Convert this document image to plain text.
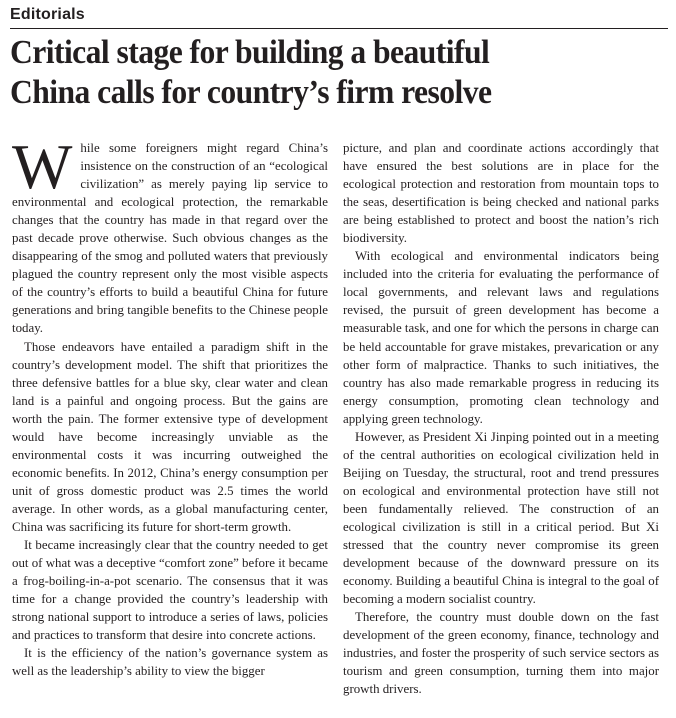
Editorials
Critical stage for building a beautiful
China calls for country’s firm resolve

While some foreigners might regard China’s insistence on the construction of an “ecological civilization” as merely paying lip service to environmental and ecological protection, the remarkable changes that the country has made in that regard over the past decade prove otherwise. Such obvious changes as the disappearing of the smog and polluted waters that previously plagued the country represent only the most visible aspects of the country’s efforts to build a beautiful China for future generations and bring tangible benefits to the Chinese people today.

Those endeavors have entailed a paradigm shift in the country’s development model. The shift that prioritizes the three defensive battles for a blue sky, clear water and clean land is a painful and ongoing process. But the gains are worth the pain. The former extensive type of development would have become increasingly unviable as the environmental costs it was incurring outweighed the economic benefits. In 2012, China’s energy consumption per unit of gross domestic product was 2.5 times the world average. In other words, as a global manufacturing center, China was sacrificing its future for short-term growth.

It became increasingly clear that the country needed to get out of what was a deceptive “comfort zone” before it became a frog-boiling-in-a-pot scenario. The consensus that it was time for a change provided the country’s leadership with strong national support to introduce a series of laws, policies and practices to transform that desire into concrete actions.

It is the efficiency of the nation’s governance system as well as the leadership’s ability to view the bigger

picture, and plan and coordinate actions accordingly that have ensured the best solutions are in place for the ecological protection and restoration from mountain tops to the seas, desertification is being checked and national parks are being established to protect and boost the nation’s rich biodiversity.

With ecological and environmental indicators being included into the criteria for evaluating the performance of local governments, and relevant laws and regulations revised, the pursuit of green development has become a measurable task, and one for which the persons in charge can be held accountable for grave mistakes, prevarication or any other form of malpractice. Thanks to such initiatives, the country has also made remarkable progress in reducing its energy consumption, promoting clean technology and applying green technology.

However, as President Xi Jinping pointed out in a meeting of the central authorities on ecological civilization held in Beijing on Tuesday, the structural, root and trend pressures on ecological and environmental protection have still not been fundamentally relieved. The construction of an ecological civilization is still in a critical period. But Xi stressed that the country never compromise its green development because of the downward pressure on its economy. Building a beautiful China is integral to the goal of becoming a modern socialist country.

Therefore, the country must double down on the fast development of the green economy, finance, technology and industries, and foster the prosperity of such service sectors as tourism and green consumption, turning them into major growth drivers.
